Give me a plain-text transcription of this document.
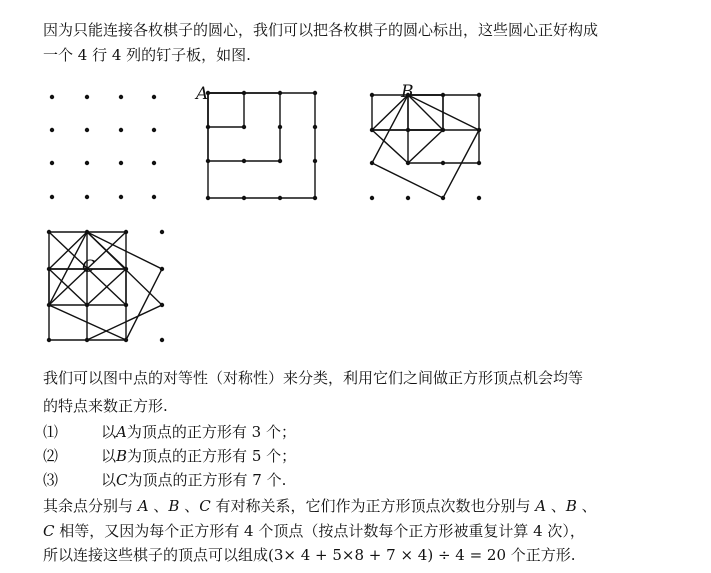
因为只能连接各枚棋子的圆心，我们可以把各枚棋子的圆心标出，这些圆心正好构成
一个 4 行 4 列的钉子板，如图.
A	B
C
我们可以图中点的对等性（对称性）来分类，利用它们之间做正方形顶点机会均等
的特点来数正方形.
⑴	以A为顶点的正方形有 3 个；
⑵	以B为顶点的正方形有 5 个；
⑶	以C为顶点的正方形有 7 个.
其余点分别与 A 、B 、C 有对称关系，它们作为正方形顶点次数也分别与 A 、B 、
C 相等，又因为每个正方形有 4 个顶点（按点计数每个正方形被重复计算 4 次），
所以连接这些棋子的顶点可以组成(3× 4 + 5×8 + 7 × 4) ÷ 4 = 20 个正方形.
